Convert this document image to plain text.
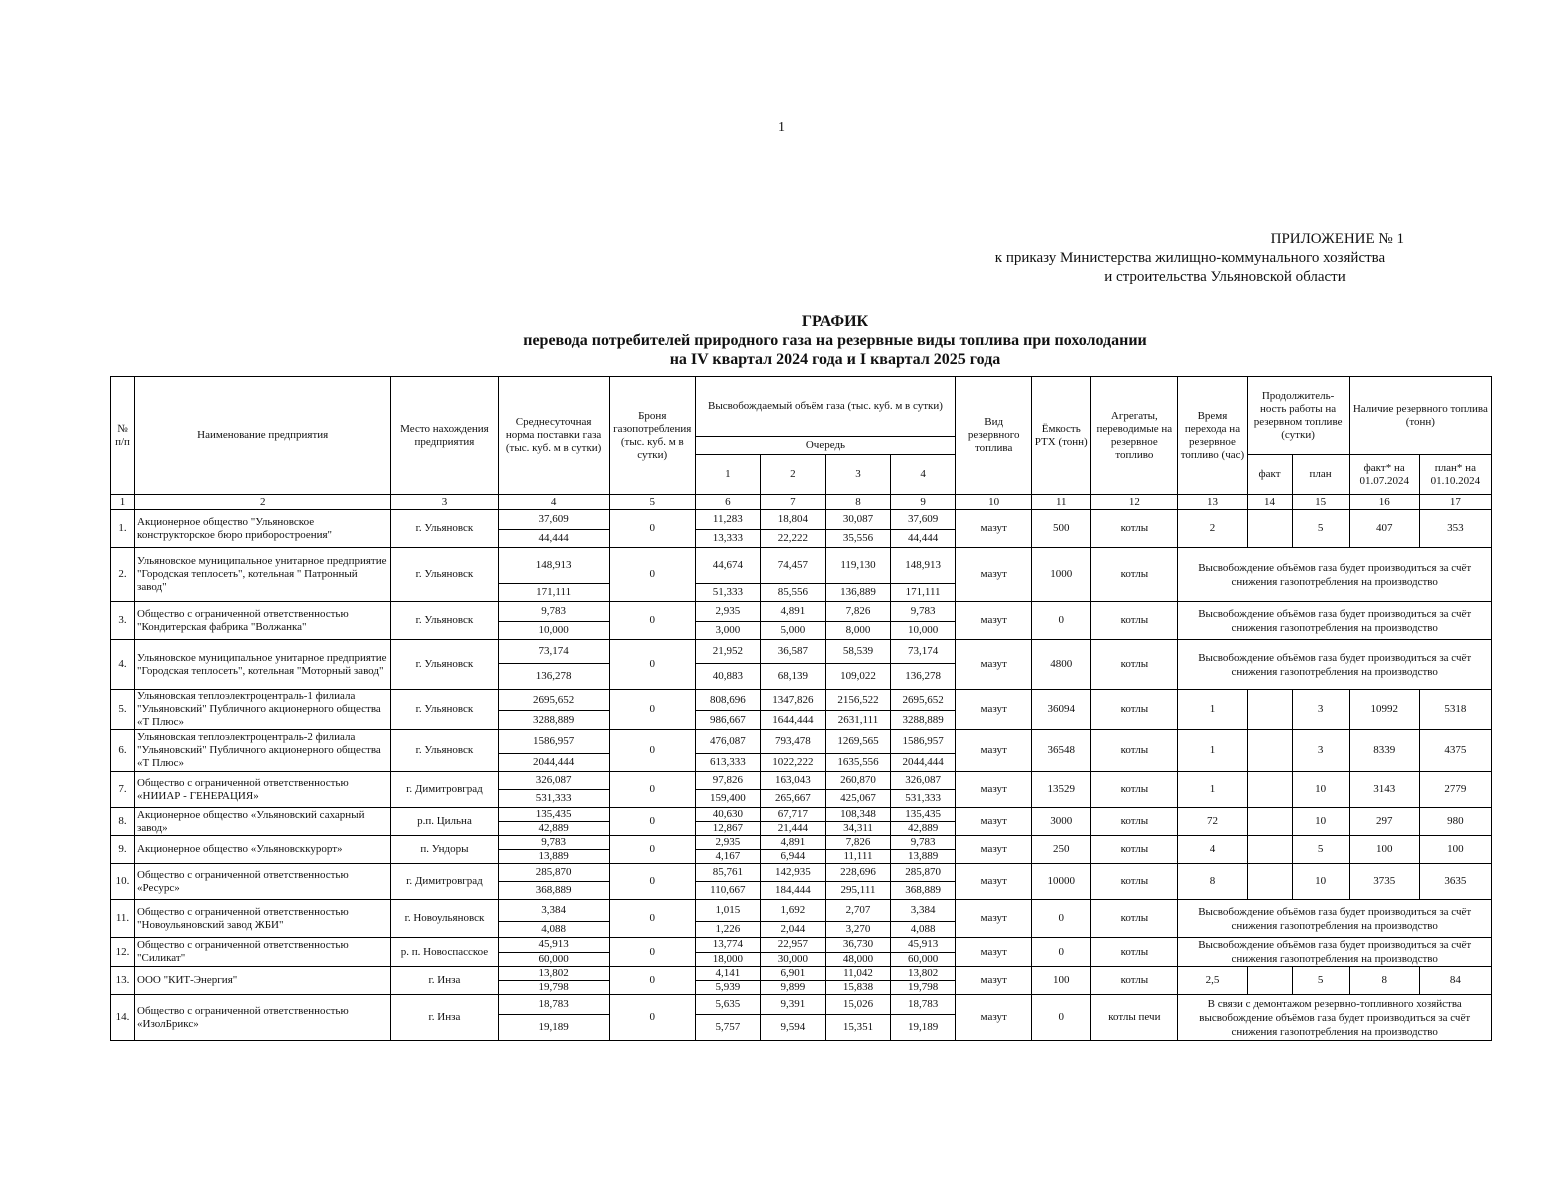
1
ПРИЛОЖЕНИЕ № 1
к приказу Министерства жилищно-коммунального хозяйства
и строительства Ульяновской области
ГРАФИК
перевода потребителей природного газа на резервные виды топлива при похолодании
на IV квартал 2024 года и I квартал 2025 года
№ п/п	Наименование предприятия	Место нахождения предприятия	Среднесуточная норма поставки газа (тыс. куб. м в сутки)	Броня газопотребления (тыс. куб. м в сутки)	Высвобождаемый объём газа (тыс. куб. м в сутки)				Вид резервного топлива	Ёмкость РТХ (тонн)	Агрегаты, переводимые на резервное топливо	Время перехода на резервное топливо (час)	Продолжитель-ность работы на резервном топливе (сутки)		Наличие резервного топлива (тонн)	
					Очередь											
					1	2	3	4					факт	план	факт* на 01.07.2024	план* на 01.10.2024
1	2	3	4	5	6	7	8	9	10	11	12	13	14	15	16	17
1.	Акционерное общество "Ульяновское конструкторское бюро приборостроения"	г. Ульяновск	37,609	0	11,283	18,804	30,087	37,609	мазут	500	котлы	2		5	407	353
			44,444		13,333	22,222	35,556	44,444								
2.	Ульяновское муниципальное унитарное предприятие "Городская теплосеть", котельная " Патронный завод"	г. Ульяновск	148,913	0	44,674	74,457	119,130	148,913	мазут	1000	котлы	Высвобождение объёмов газа будет производиться за счёт снижения газопотребления на производство				
			171,111		51,333	85,556	136,889	171,111								
3.	Общество с ограниченной ответственностью "Кондитерская фабрика "Волжанка"	г. Ульяновск	9,783	0	2,935	4,891	7,826	9,783	мазут	0	котлы	Высвобождение объёмов газа будет производиться за счёт снижения газопотребления на производство				
			10,000		3,000	5,000	8,000	10,000								
4.	Ульяновское муниципальное унитарное предприятие "Городская теплосеть", котельная "Моторный завод"	г. Ульяновск	73,174	0	21,952	36,587	58,539	73,174	мазут	4800	котлы	Высвобождение объёмов газа будет производиться за счёт снижения газопотребления на производство				
			136,278		40,883	68,139	109,022	136,278								
5.	Ульяновская теплоэлектроцентраль-1 филиала "Ульяновский" Публичного акционерного общества «Т Плюс»	г. Ульяновск	2695,652	0	808,696	1347,826	2156,522	2695,652	мазут	36094	котлы	1		3	10992	5318
			3288,889		986,667	1644,444	2631,111	3288,889								
6.	Ульяновская теплоэлектроцентраль-2 филиала "Ульяновский" Публичного акционерного общества «Т Плюс»	г. Ульяновск	1586,957	0	476,087	793,478	1269,565	1586,957	мазут	36548	котлы	1		3	8339	4375
			2044,444		613,333	1022,222	1635,556	2044,444								
7.	Общество с ограниченной ответственностью «НИИАР - ГЕНЕРАЦИЯ»	г. Димитровград	326,087	0	97,826	163,043	260,870	326,087	мазут	13529	котлы	1		10	3143	2779
			531,333		159,400	265,667	425,067	531,333								
8.	Акционерное общество «Ульяновский сахарный завод»	р.п. Цильна	135,435	0	40,630	67,717	108,348	135,435	мазут	3000	котлы	72		10	297	980
			42,889		12,867	21,444	34,311	42,889								
9.	Акционерное общество «Ульяновсккурорт»	п. Ундоры	9,783	0	2,935	4,891	7,826	9,783	мазут	250	котлы	4		5	100	100
			13,889		4,167	6,944	11,111	13,889								
10.	Общество с ограниченной ответственностью «Ресурс»	г. Димитровград	285,870	0	85,761	142,935	228,696	285,870	мазут	10000	котлы	8		10	3735	3635
			368,889		110,667	184,444	295,111	368,889								
11.	Общество с ограниченной ответственностью "Новоульяновский завод ЖБИ"	г. Новоульяновск	3,384	0	1,015	1,692	2,707	3,384	мазут	0	котлы	Высвобождение объёмов газа будет производиться за счёт снижения газопотребления на производство				
			4,088		1,226	2,044	3,270	4,088								
12.	Общество с ограниченной ответственностью "Силикат"	р. п. Новоспасское	45,913	0	13,774	22,957	36,730	45,913	мазут	0	котлы	Высвобождение объёмов газа будет производиться за счёт снижения газопотребления на производство				
			60,000		18,000	30,000	48,000	60,000								
13.	ООО "КИТ-Энергия"	г. Инза	13,802	0	4,141	6,901	11,042	13,802	мазут	100	котлы	2,5		5	8	84
			19,798		5,939	9,899	15,838	19,798								
14.	Общество с ограниченной ответственностью «ИзолБрикс»	г. Инза	18,783	0	5,635	9,391	15,026	18,783	мазут	0	котлы печи	В связи с демонтажом резервно-топливного хозяйства высвобождение объёмов газа будет производиться за счёт снижения газопотребления на производство				
			19,189		5,757	9,594	15,351	19,189								
